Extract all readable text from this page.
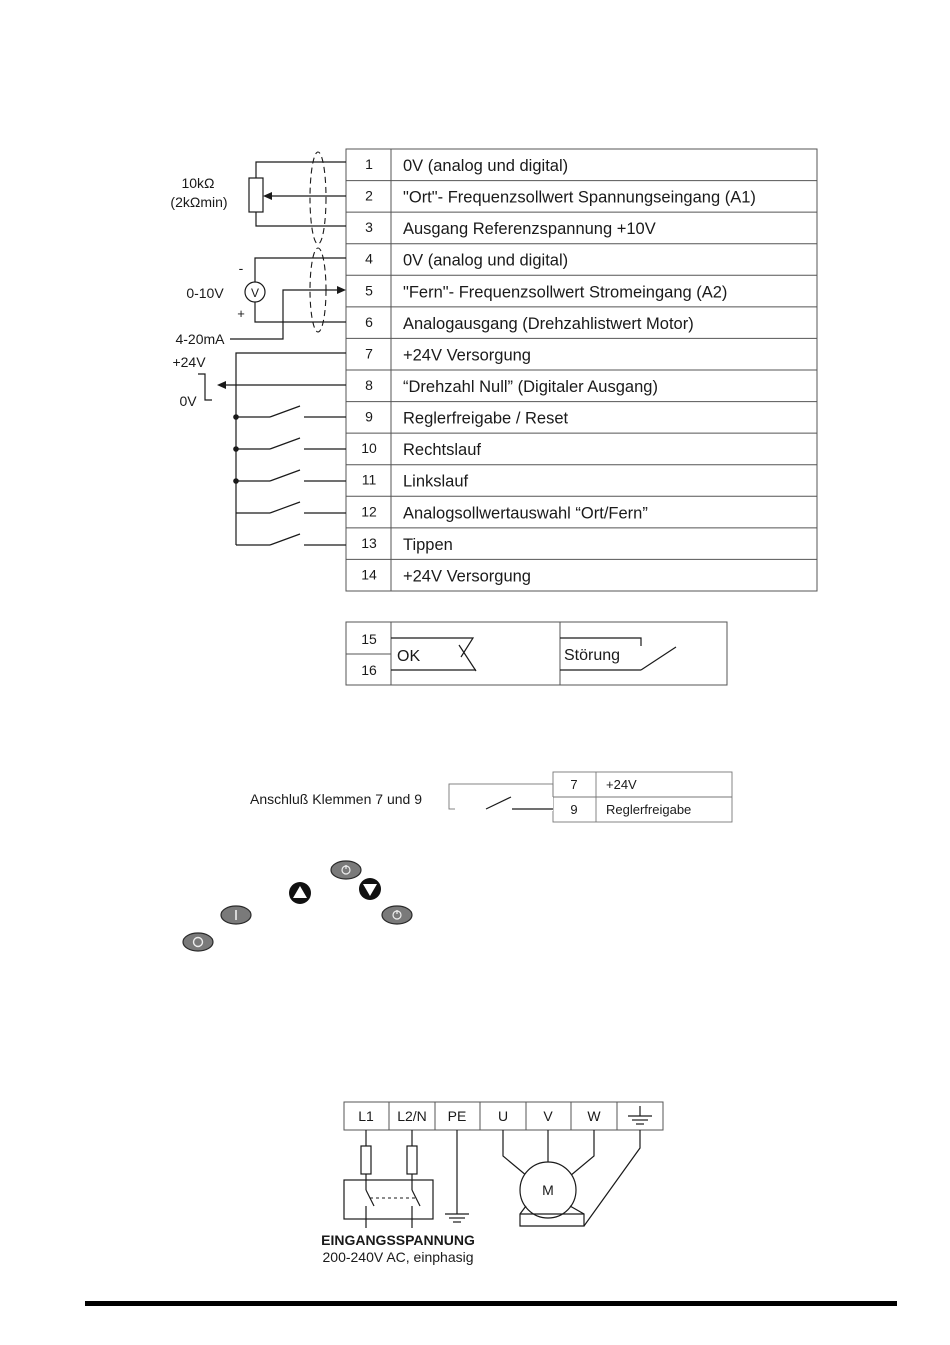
1 0V (analog und digital)
2 "Ort"- Frequenzsollwert Spannungseingang (A1)
3 Ausgang Referenzspannung +10V
4 0V (analog und digital)
5 "Fern"- Frequenzsollwert Stromeingang (A2)
6 Analogausgang (Drehzahlistwert Motor)
7 +24V Versorgung
8 “Drehzahl Null” (Digitaler Ausgang)
9 Reglerfreigabe / Reset
10 Rechtslauf
11 Linkslauf
12 Analogsollwertauswahl “Ort/Fern”
13 Tippen
14 +24V Versorgung
10kΩ
(2kΩmin)
V
-
+
0-10V
4-20mA
+24V
0V
15
16
OK	Störung
Anschluß Klemmen 7 und 9
7 +24V
9 Reglerfreigabe
L1 L2/N PE U	V W
M
EINGANGSSPANNUNG
200-240V AC, einphasig
